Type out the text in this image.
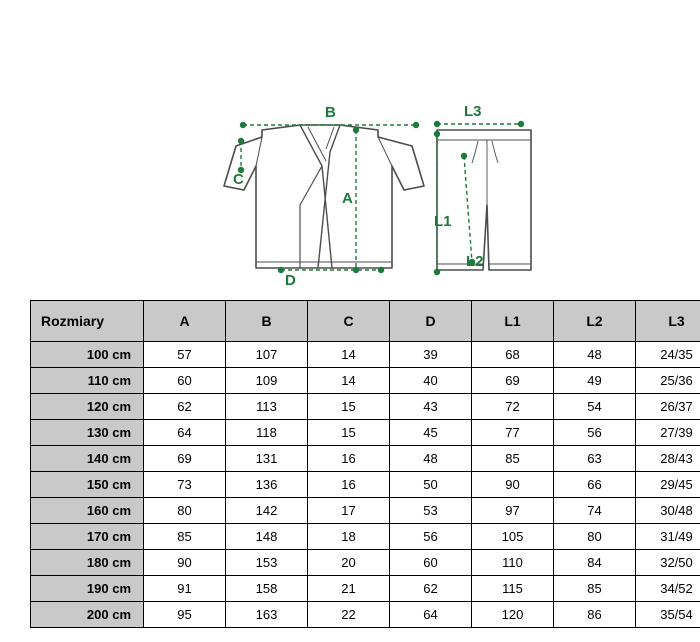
B
C
A
D
L3
L1
L2
Rozmiary	A	B	C	D	L1	L2	L3
100 cm	57	107	14	39	68	48	24/35
110 cm	60	109	14	40	69	49	25/36
120 cm	62	113	15	43	72	54	26/37
130 cm	64	118	15	45	77	56	27/39
140 cm	69	131	16	48	85	63	28/43
150 cm	73	136	16	50	90	66	29/45
160 cm	80	142	17	53	97	74	30/48
170 cm	85	148	18	56	105	80	31/49
180 cm	90	153	20	60	110	84	32/50
190 cm	91	158	21	62	115	85	34/52
200 cm	95	163	22	64	120	86	35/54
